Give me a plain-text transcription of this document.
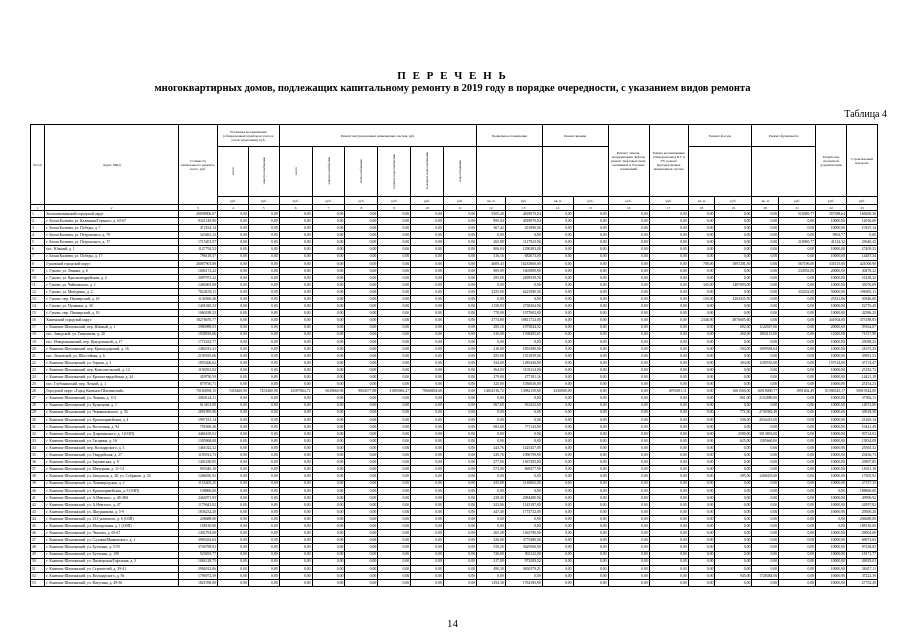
П Е Р Е Ч Е Н Ь
многоквартирных домов, подлежащих капитальному ремонту в 2019 году в порядке очередности, с указанием видов ремонта
Таблица 4
№ п/п	Адрес МКД	Стоимость капитального ремонта, всего, руб.	Установка коллективных (общедомовых) приборов учета и узлов управления, руб.		Ремонт внутридомовых инженерных систем, руб.						Подвальное помещение		Ремонт крыши		Ремонт, замена, модернизация лифтов, ремонт лифтовых шахт, машинных и блочных помещений	Замена коллективных (общедомовых) ПУ и УУ, ремонт внутридомовых инженерных систем	Ремонт фасада		Ремонт фундамента		Разработка проектной документации	Строительный контроль
			всего	электроснабжение	всего	электроснабжение	теплоснабжение	горячее водоснабжение	холодное водоснабжение	водоотведение												
			руб.	руб.	руб.	руб.	руб.	руб.	руб.	руб.	кв. м	руб.	кв. м	руб.	руб.	руб.	кв. м	руб.	кв. м	руб.	руб.	руб.
1	2	3	4	5	6	7	8	9	10	11	12	13	14	15	16	17	18	19	20	21	22	23
1	Белокалитвинский городской округ	20098906,67	0,00	0,00	0,00	0,00	0,00	0,00	0,00	0,00	3505,20	4818970,04	0,00	0,00	0,00	0,00	0,00	0,00	0,00	516985,77	357388,64	168200,36
2	г. Белая Калитва, ул. Калинина/Горького, д. 65-67	8321149,90	0,00	0,00	0,00	0,00	0,00	0,00	0,00	0,00	895,04	4818970,04	0,00	0,00	0,00	0,00	0,00	0,00	0,00	0,00	10000,00	12016,00
3	г. Белая Калитва, ул. Победы, д. 7	472163,14	0,00	0,00	0,00	0,00	0,00	0,00	0,00	0,00	367,42	451996,00	0,00	0,00	0,00	0,00	0,00	0,00	0,00	0,00	10000,00	10167,14
4	г. Белая Калитва, ул. Петровского, д. 70	325461,32	0,00	0,00	0,00	0,00	0,00	0,00	0,00	0,00	0,00	0,00	0,00	0,00	0,00	0,00	0,00	0,00	0,00	0,00	9963,77	0,00
5	г. Белая Калитва, ул. Петровского, д. 17	1715201,57	0,00	0,00	0,00	0,00	0,00	0,00	0,00	0,00	265,88	1117923,00	0,00	0,00	0,00	0,00	0,00	0,00	0,00	218065,77	41124,32	25640,45
6	пос. Южный, д. 1	1127792,52	0,00	0,00	0,00	0,00	0,00	0,00	0,00	0,00	806,04	1290383,00	0,00	0,00	0,00	0,00	0,00	0,00	0,00	0,00	10000,00	27409,52
7	г. Белая Калитва, ул. Победы, д. 17	796118,37	0,00	0,00	0,00	0,00	0,00	0,00	0,00	0,00	316,16	682673,00	0,00	0,00	0,00	0,00	0,00	0,00	0,00	0,00	10000,00	14487,34
8	Гуковский городской округ	20087903,88	0,00	0,00	0,00	0,00	0,00	0,00	0,00	0,00	4600,43	16233060,00	0,00	0,00	0,00	0,00	788,00	1897281,50	0,00	567196,00	335115,00	421000,90
9	г. Гуково, ул. Ленина, д. 6	1606172,22	0,00	0,00	0,00	0,00	0,00	0,00	0,00	0,00	909,09	1605889,00	0,00	0,00	0,00	0,00	0,00	0,00	0,00	234932,00	20000,00	30478,22
10	г. Гуково, ул. Красногвардейская, д. 2	2087973,22	0,00	0,00	0,00	0,00	0,00	0,00	0,00	0,00	295,00	2499559,50	0,00	0,00	0,00	0,00	0,00	0,00	0,00	0,00	10000,00	51438,32
11	г. Гуково, ул. Чайковского, д. 1	1482603,08	0,00	0,00	0,00	0,00	0,00	0,00	0,00	0,00	0,00	0,00	0,00	0,00	0,00	0,00	345,00	1487893,00	0,00	0,00	10000,00	35076,09
12	г. Гуково, ул. Мичурина, д. 2	7824193,11	0,00	0,00	0,00	0,00	0,00	0,00	0,00	0,00	2255,00	6223586,30	0,00	0,00	0,00	0,00	0,00	0,00	0,00	332232,00	50000,00	196091,11
13	г. Гуково, пер. Пионерский, д. 18	1136560,48	0,00	0,00	0,00	0,00	0,00	0,00	0,00	0,00	0,00	0,00	0,00	0,00	0,00	0,00	150,00	1204325,50	0,00	0,00	25321,06	20546,00
14	г. Гуково, ул. Пушкина, д. 30	1401020,33	0,00	0,00	0,00	0,00	0,00	0,00	0,00	0,00	1150,03	2738264,00	0,00	0,00	0,00	0,00	0,00	0,00	0,00	0,00	10000,00	52776,40
15	г. Гуково, пер. Пионерский, д. 19	1060188,23	0,00	0,00	0,00	0,00	0,00	0,00	0,00	0,00	770,00	1077602,00	0,00	0,00	0,00	0,00	0,00	0,00	0,00	0,00	10000,00	42586,23
16	Каменский городской округ	18276676,77	0,00	0,00	0,00	0,00	0,00	0,00	0,00	0,00	4774,80	18811724,00	0,00	0,00	0,00	0,00	2346,00	4876605,60	0,00	0,00	441904,00	375188,83
17	г. Каменск-Шахтинский, пер. Южный, д. 1	2980988,03	0,00	0,00	0,00	0,00	0,00	0,00	0,00	0,00	285,10	1075844,52	0,00	0,00	0,00	0,00	0,00	692,00	1122927,60	0,00	20000,00	59164,07
18	пос. Заводской, ул. Тимьянова, д. 20	1938818,66	0,00	0,00	0,00	0,00	0,00	0,00	0,00	0,00	316,00	1768405,01	0,00	0,00	0,00	0,00	0,00	450,00	1004115,00	0,00	11000,00	71317,90
19	пос. Новоравнинский, пер. Центральный, д. 17	1772433,77	0,00	0,00	0,00	0,00	0,00	0,00	0,00	0,00	0,00	0,00	0,00	0,00	0,00	0,00	0,00	0,00	0,00	0,00	10000,00	25098,23
20	г. Каменск-Шахтинский, пер. Краснодарский, д. 16	1482015,41	0,00	0,00	0,00	0,00	0,00	0,00	0,00	0,00	216,00	1855490,00	0,00	0,00	0,00	0,00	0,00	504,00	1099584,64	0,00	10000,00	21675,33
21	пос. Лиховской, ул. Шоссейная, д. 6	2195935,06	0,00	0,00	0,00	0,00	0,00	0,00	0,00	0,00	455,00	1351059,00	0,00	0,00	0,00	0,00	0,00	0,00	0,00	0,00	10000,00	35891,53
22	г. Каменск-Шахтинский, ул. Горная, д. 3	1855206,62	0,00	0,00	0,00	0,00	0,00	0,00	0,00	0,00	334,00	1285436,00	0,00	0,00	0,00	0,00	0,00	394,00	1185555,00	0,00	157514,00	47174,47
23	г. Каменск-Шахтинский, пер. Комсомольский, д. 12	1193591,02	0,00	0,00	0,00	0,00	0,00	0,00	0,00	0,00	364,03	1103114,00	0,00	0,00	0,00	0,00	0,00	0,00	0,00	0,00	10000,00	25182,72
24	г. Каменск-Шахтинский, ул. Красногвардейская, д. 24	459750,59	0,00	0,00	0,00	0,00	0,00	0,00	0,00	0,00	279,00	477181,16	0,00	0,00	0,00	0,00	0,00	0,00	0,00	0,00	10000,00	14421,18
25	пос. Глубокинский, пер. Лесной, д. 1	879750,71	0,00	0,00	0,00	0,00	0,00	0,00	0,00	0,00	325,00	1036030,00	0,00	0,00	0,00	0,00	0,00	0,00	0,00	0,00	10000,00	25154,23
26	Городской округ «Город Каменск-Шахтинский»	70184958,15	7453460,90	7453460,90	41097864,72	9049660,98	9004577,88	31805063,27	78668494,68	0,00	14652516,72	13982150,60	4330000,00	0,00	0,00	4976391,11	0,00	1661560,00	16918000,77	1991602,49	81586345,17	50019342,00
27	г. Каменск-Шахтинский, ул. Ленина, д. 113	2084124,11	0,00	0,00	0,00	0,00	0,00	0,00	0,00	0,00	0,00	0,00	0,00	0,00	0,00	0,00	0,00	861,00	2152880,00	0,00	10000,00	37902,11
28	г. Каменск-Шахтинский, ул. Кузнецова, д. 1	613101,00	0,00	0,00	0,00	0,00	0,00	0,00	0,00	0,00	567,00	561452,00	0,00	0,00	0,00	0,00	0,00	0,00	0,00	0,00	10000,00	14072,00
29	г. Каменск-Шахтинский, ул. Чернышевского, д. 35	2801995,90	0,00	0,00	0,00	0,00	0,00	0,00	0,00	0,00	0,00	0,00	0,00	0,00	0,00	0,00	0,00	771,00	2730382,40	0,00	10000,00	35618,50
30	г. Каменск-Шахтинский, ул. Красноармейская, д. 4	1997181,14	0,00	0,00	0,00	0,00	0,00	0,00	0,00	0,00	0,00	0,00	0,00	0,00	0,00	0,00	0,00	536,00	2034415,00	0,00	10000,00	21265,14
31	г. Каменск-Шахтинский, ул. Восточная, д. 94	791690,49	0,00	0,00	0,00	0,00	0,00	0,00	0,00	0,00	682,00	771143,00	0,00	0,00	0,00	0,00	0,00	0,00	0,00	0,00	10000,00	10441,49
32	г. Каменск-Шахтинский, ул. Дзержинского, д. 1 (ОЗП)	4466169,02	0,00	0,00	0,00	0,00	0,00	0,00	0,00	0,00	0,00	0,00	0,00	0,00	0,00	0,00	0,00	2590,00	3913833,00	0,00	10000,00	93714,02
33	г. Каменск-Шахтинский, ул. Гагарина, д. 16	1305868,08	0,00	0,00	0,00	0,00	0,00	0,00	0,00	0,00	0,00	0,00	0,00	0,00	0,00	0,00	0,00	625,00	1305660,00	0,00	10000,00	13834,08
34	г. Каменск-Шахтинский, пер. Володарского, д. 3	1461022,32	0,00	0,00	0,00	0,00	0,00	0,00	0,00	0,00	243,76	1425457,00	0,00	0,00	0,00	0,00	0,00	0,00	0,00	0,00	10000,00	25565,32
35	г. Каменск-Шахтинский, ул. Гвардейская, д. 27	1195912,73	0,00	0,00	0,00	0,00	0,00	0,00	0,00	0,00	249,76	1096799,00	0,00	0,00	0,00	0,00	0,00	0,00	0,00	0,00	10000,00	23456,73
36	г. Каменск-Шахтинский, ул. Бауманская, д. 8	1403180,85	0,00	0,00	0,00	0,00	0,00	0,00	0,00	0,00	277,00	1367383,00	0,00	0,00	0,00	0,00	0,00	0,00	0,00	0,00	10000,00	25897,85
37	г. Каменск-Шахтинский, ул. Мичурина, д. 11-13	995346,18	0,00	0,00	0,00	0,00	0,00	0,00	0,00	0,00	573,00	869477,90	0,00	0,00	0,00	0,00	0,00	0,00	0,00	0,00	10000,00	18411,18
38	г. Каменск-Шахтинский, ул. Заводская, д. 28, ул. Собрание, д. 35	1266030,92	0,00	0,00	0,00	0,00	0,00	0,00	0,00	0,00	0,00	0,00	0,00	0,00	0,00	0,00	0,00	395,00	1268453,00	0,00	10000,00	17505,92
39	г. Каменск-Шахтинский, ул. Ленинградская, д. 2	1153405,25	0,00	0,00	0,00	0,00	0,00	0,00	0,00	0,00	435,80	1116002,00	0,00	0,00	0,00	0,00	0,00	0,00	0,00	0,00	10000,00	27157,35
40	г. Каменск-Шахтинский, ул. Красноармейская, д. 9 (ОЗП)	198860,00	0,00	0,00	0,00	0,00	0,00	0,00	0,00	0,00	0,00	0,00	0,00	0,00	0,00	0,00	0,00	0,00	0,00	0,00	0,00	188860,00
41	г. Каменск-Шахтинский, ул. А.Невского, д. 48-48А	2464971,93	0,00	0,00	0,00	0,00	0,00	0,00	0,00	0,00	238,45	2384480,00	0,00	0,00	0,00	0,00	0,00	0,00	0,00	0,00	10000,00	49996,92
42	г. Каменск-Шахтинский, ул. А.Невского, д. 47	1179643,82	0,00	0,00	0,00	0,00	0,00	0,00	0,00	0,00	323,86	1145197,00	0,00	0,00	0,00	0,00	0,00	0,00	0,00	0,00	10000,00	24597,82
43	г. Каменск-Шахтинский, ул. Шкурникова, д. 5-9	1836232,20	0,00	0,00	0,00	0,00	0,00	0,00	0,00	0,00	447,40	1773732,00	0,00	0,00	0,00	0,00	0,00	0,00	0,00	0,00	10000,00	29500,20
44	г. Каменск-Шахтинский, ул. ЗЗ Гуковского, д. 6 (ОЗП)	206688,00	0,00	0,00	0,00	0,00	0,00	0,00	0,00	0,00	0,00	0,00	0,00	0,00	0,00	0,00	0,00	0,00	0,00	0,00	0,00	206688,00
45	г. Каменск-Шахтинский, ул. Молодежная, д. 1 (ОЗП)	188130,00	0,00	0,00	0,00	0,00	0,00	0,00	0,00	0,00	0,00	0,00	0,00	0,00	0,00	0,00	0,00	0,00	0,00	0,00	0,00	188130,00
46	г. Каменск-Шахтинский, ул. Чкалова, д. 65-67	1402794,00	0,00	0,00	0,00	0,00	0,00	0,00	0,00	0,00	265,28	1363790,00	0,00	0,00	0,00	0,00	0,00	0,00	0,00	0,00	10000,00	29004,00
47	г. Каменск-Шахтинский, ул. Садовая/Маяковского, д. 1	3905452,63	0,00	0,00	0,00	0,00	0,00	0,00	0,00	0,00	326,00	3775480,00	0,00	0,00	0,00	0,00	0,00	0,00	0,00	0,00	10000,00	69972,63
48	г. Каменск-Шахтинский, ул. Бутченко, д. 5-55	3726798,83	0,00	0,00	0,00	0,00	0,00	0,00	0,00	0,00	539,20	3629560,00	0,00	0,00	0,00	0,00	0,00	0,00	0,00	0,00	10000,00	87238,83
49	г. Каменск-Шахтинский, ул. Бутченко, д. 109	929293,77	0,00	0,00	0,00	0,00	0,00	0,00	0,00	0,00	726,00	901122,00	0,00	0,00	0,00	0,00	0,00	0,00	0,00	0,00	10000,00	18171,77
50	г. Каменск-Шахтинский, ул. Пионерская/Гофтмана, д. 3	1084128,75	0,00	0,00	0,00	0,00	0,00	0,00	0,00	0,00	217,00	973209,52	0,00	0,00	0,00	0,00	0,00	0,00	0,00	0,00	10000,00	26929,01
51	г. Каменск-Шахтинский, ул. Строителей, д. 39-41	3984012,06	0,00	0,00	0,00	0,00	0,00	0,00	0,00	0,00	490,30	3650379,21	0,00	0,00	0,00	0,00	0,00	0,00	0,00	0,00	10000,00	38417,11
52	г. Каменск-Шахтинский, ул. Володарского, д. 56	1796972,39	0,00	0,00	0,00	0,00	0,00	0,00	0,00	0,00	0,00	0,00	0,00	0,00	0,00	0,00	0,00	945,00	1728484,00	0,00	10000,00	37222,39
53	г. Каменск-Шахтинский, ул. Ватутина, д. 49-56	1821958,00	0,00	0,00	0,00	0,00	0,00	0,00	0,00	0,00	1294,38	1784185,00	0,00	0,00	0,00	0,00	0,00	0,00	0,00	0,00	10000,00	27752,49
14
